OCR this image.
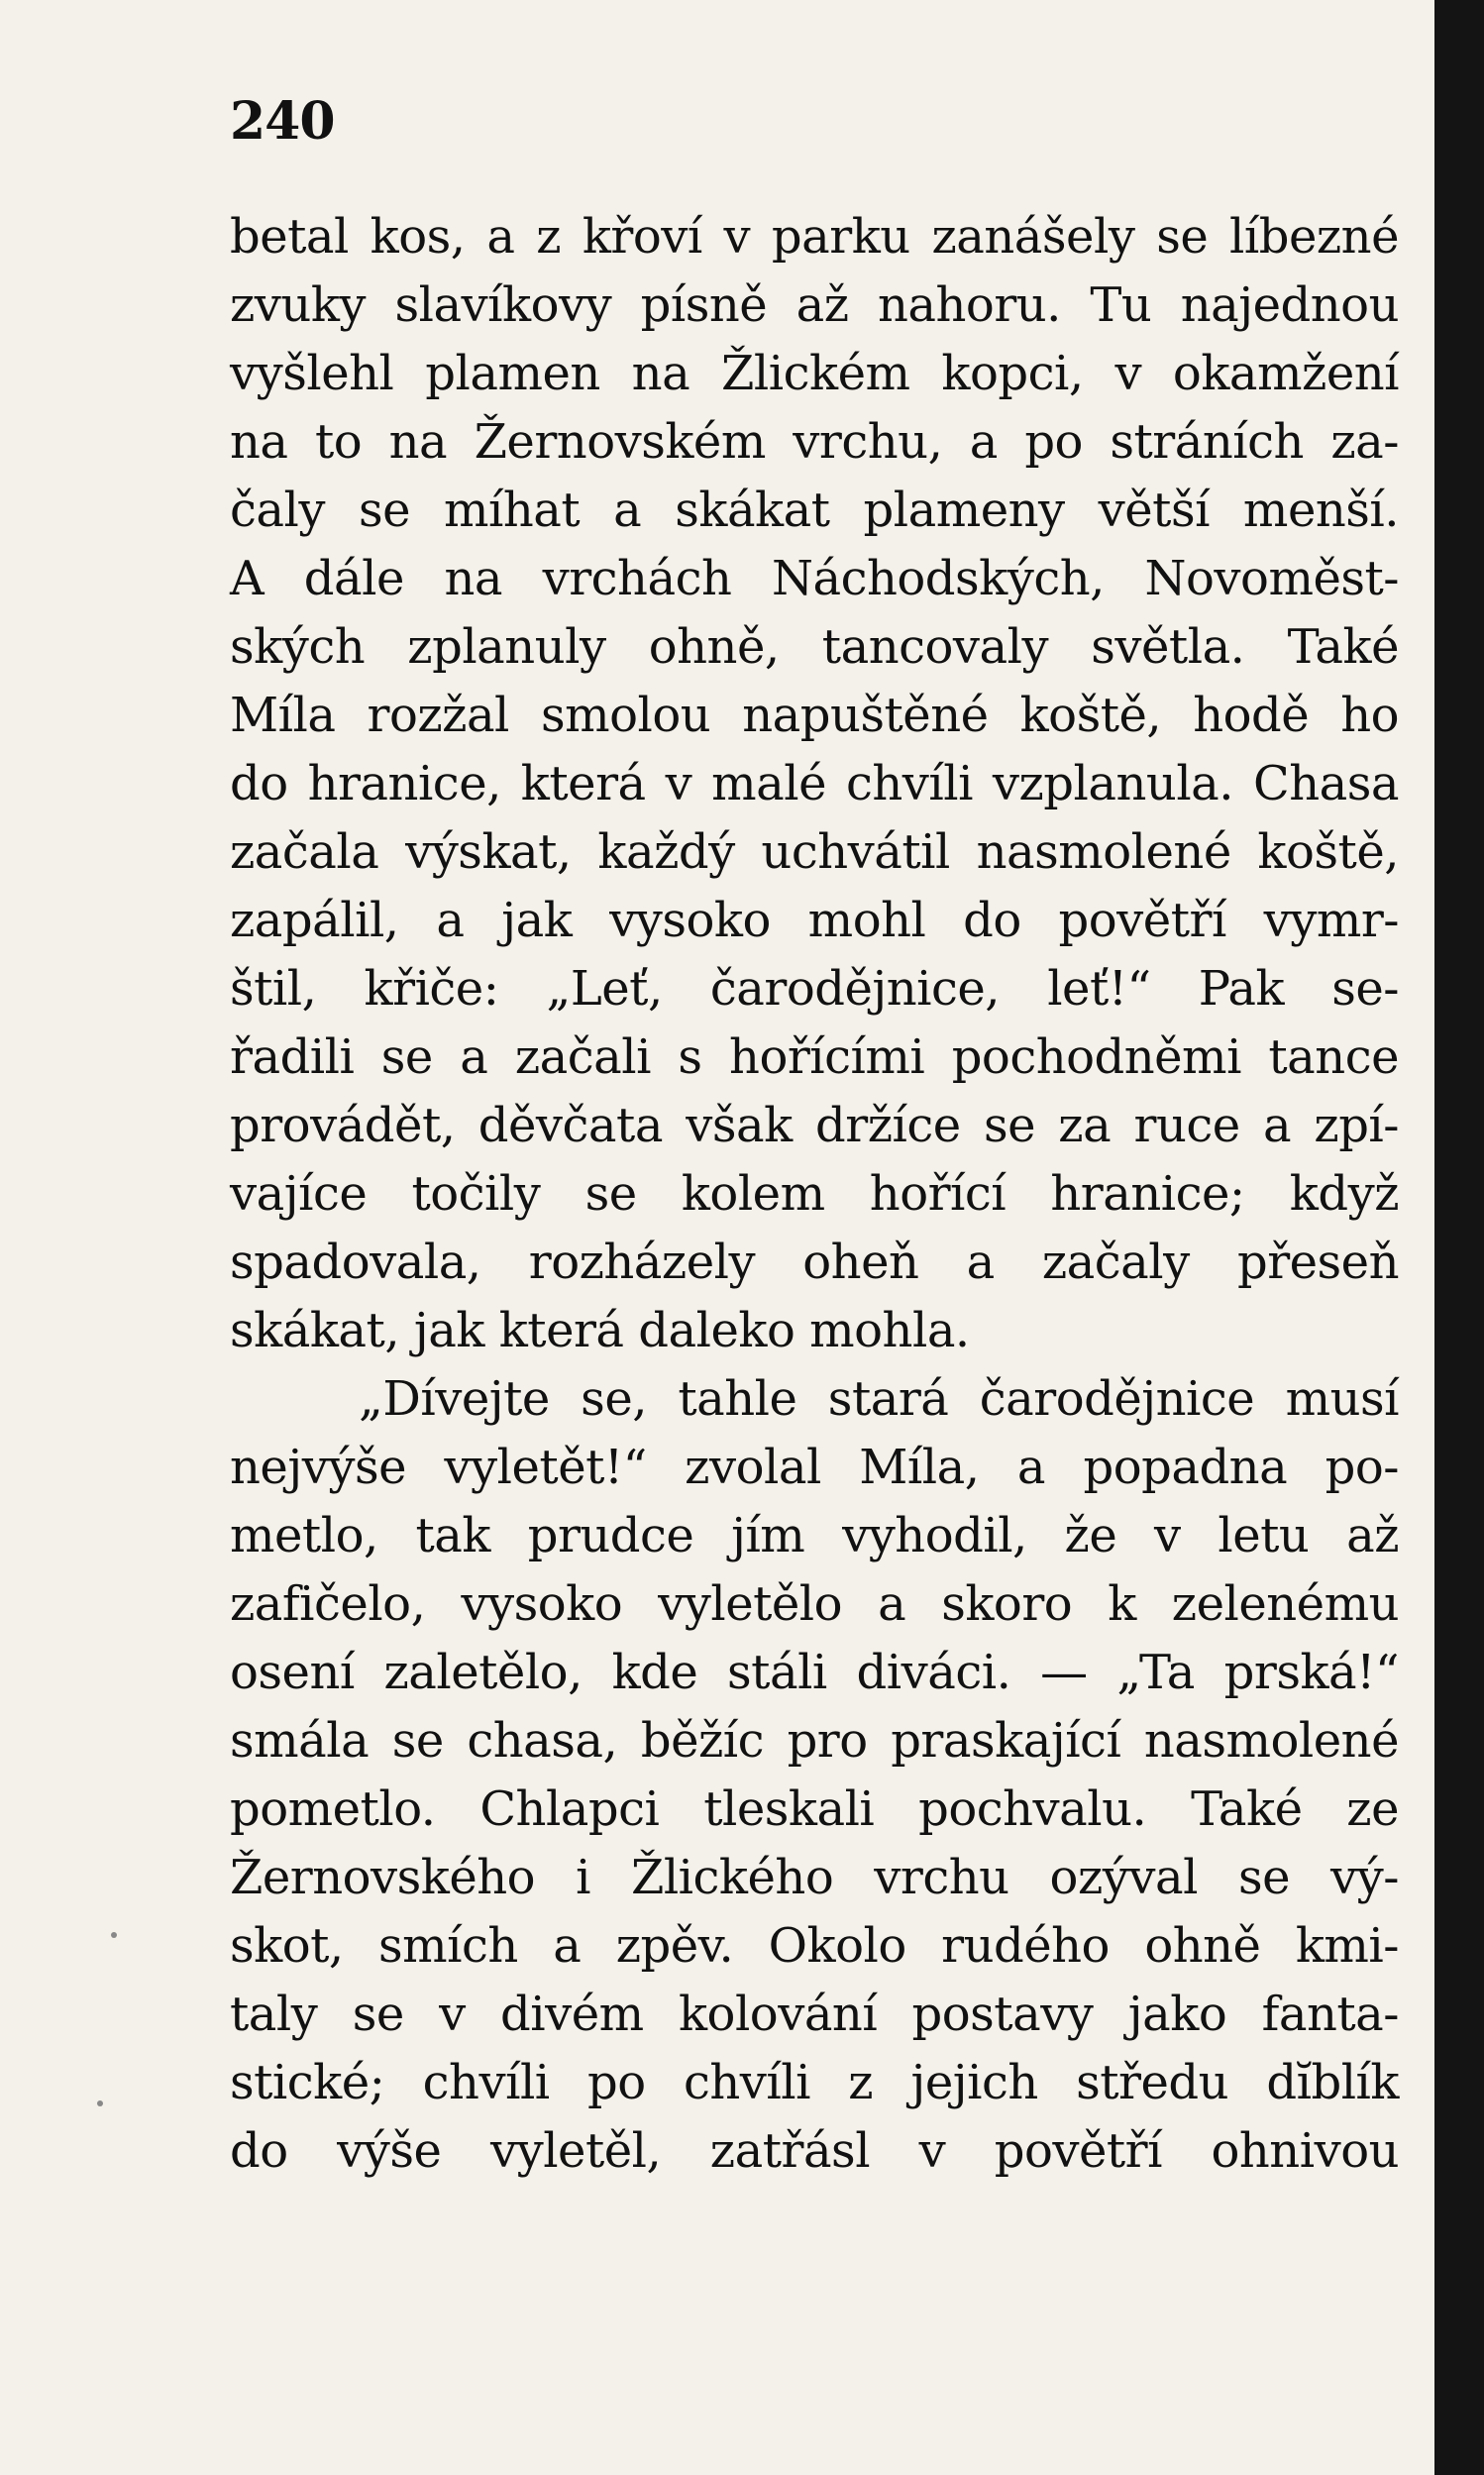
240
betal kos, a z křoví v parku zanášely se líbezné
zvuky slavíkovy písně až nahoru. Tu najednou
vyšlehl plamen na Žlickém kopci, v okamžení
na to na Žernovském vrchu, a po stráních za-
čaly se míhat a skákat plameny větší menší.
A dále na vrchách Náchodských, Novoměst-
ských zplanuly ohně, tancovaly světla. Také
Míla rozžal smolou napuštěné koště, hodě ho
do hranice, která v malé chvíli vzplanula. Chasa
začala výskat, každý uchvátil nasmolené koště,
zapálil, a jak vysoko mohl do povětří vymr-
štil, křiče: „Leť, čarodějnice, leť!“ Pak se-
řadili se a začali s hořícími pochodněmi tance
provádět, děvčata však držíce se za ruce a zpí-
vajíce točily se kolem hořící hranice; když
spadovala, rozházely oheň a začaly přeseň
skákat, jak která daleko mohla.
„Dívejte se, tahle stará čarodějnice musí
nejvýše vyletět!“ zvolal Míla, a popadna po-
metlo, tak prudce jím vyhodil, že v letu až
zafičelo, vysoko vyletělo a skoro k zelenému
osení zaletělo, kde stáli diváci. — „Ta prská!“
smála se chasa, běžíc pro praskající nasmolené
pometlo. Chlapci tleskali pochvalu. Také ze
Žernovského i Žlického vrchu ozýval se vý-
skot, smích a zpěv. Okolo rudého ohně kmi-
taly se v divém kolování postavy jako fanta-
stické; chvíli po chvíli z jejich středu dĭblík
do výše vyletěl, zatřásl v povětří ohnivou
